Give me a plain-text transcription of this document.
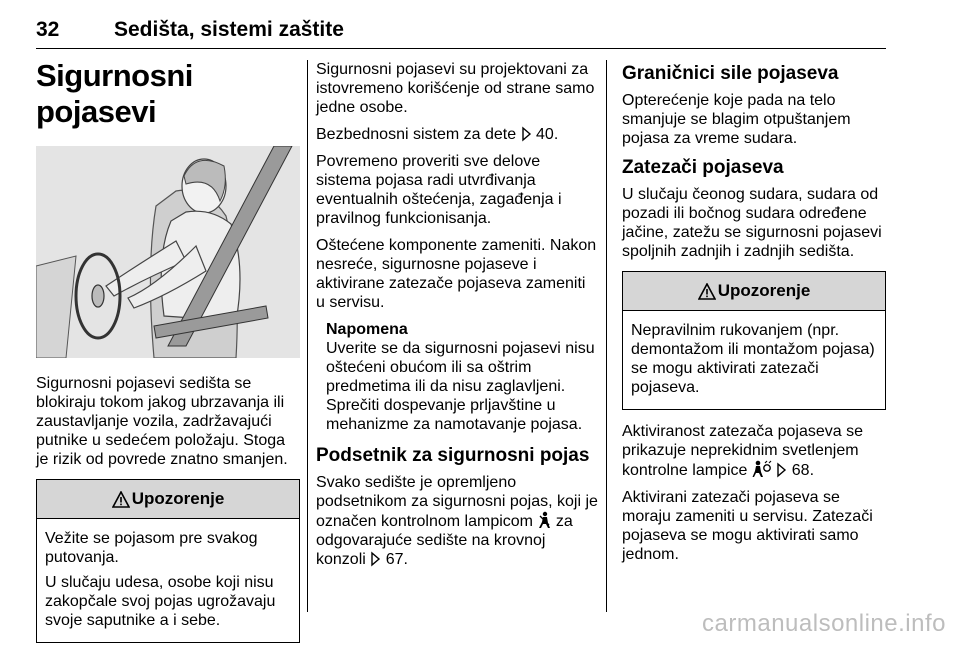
32	Sedišta, sistemi zaštite
Sigurnosni pojasevi

Sigurnosni pojasevi sedišta se blokiraju tokom jakog ubrzavanja ili zaustavljanje vozila, zadržavajući putnike u sedećem položaju. Stoga je rizik od povrede znatno smanjen.

Upozorenje

Vežite se pojasom pre svakog putovanja.

U slučaju udesa, osobe koji nisu zakopčale svoj pojas ugrožavaju svoje saputnike a i sebe.

Sigurnosni pojasevi su projektovani za istovremeno korišćenje od strane samo jedne osobe.

Bezbednosni sistem za dete 40.

Povremeno proveriti sve delove sistema pojasa radi utvrđivanja eventualnih oštećenja, zagađenja i pravilnog funkcionisanja.

Oštećene komponente zameniti. Nakon nesreće, sigurnosne pojaseve i aktivirane zatezače pojaseva zameniti u servisu.

Napomena

Uverite se da sigurnosni pojasevi nisu oštećeni obućom ili sa oštrim predmetima ili da nisu zaglavljeni. Sprečiti dospevanje prljavštine u mehanizme za namotavanje pojasa.

Podsetnik za sigurnosni pojas

Svako sedište je opremljeno podsetnikom za sigurnosni pojas, koji je označen kontrolnom lampicom za odgovarajuće sedište na krovnoj konzoli 67.

Graničnici sile pojaseva

Opterećenje koje pada na telo smanjuje se blagim otpuštanjem pojasa za vreme sudara.

Zatezači pojaseva

U slučaju čeonog sudara, sudara od pozadi ili bočnog sudara određene jačine, zatežu se sigurnosni pojasevi spoljnih zadnjih i zadnjih sedišta.

Upozorenje

Nepravilnim rukovanjem (npr. demontažom ili montažom pojasa) se mogu aktivirati zatezači pojaseva.

Aktiviranost zatezača pojaseva se prikazuje neprekidnim svetlenjem kontrolne lampice	68.

Aktivirani zatezači pojaseva se moraju zameniti u servisu. Zatezači pojaseva se mogu aktivirati samo jednom.

carmanualsonline.info
